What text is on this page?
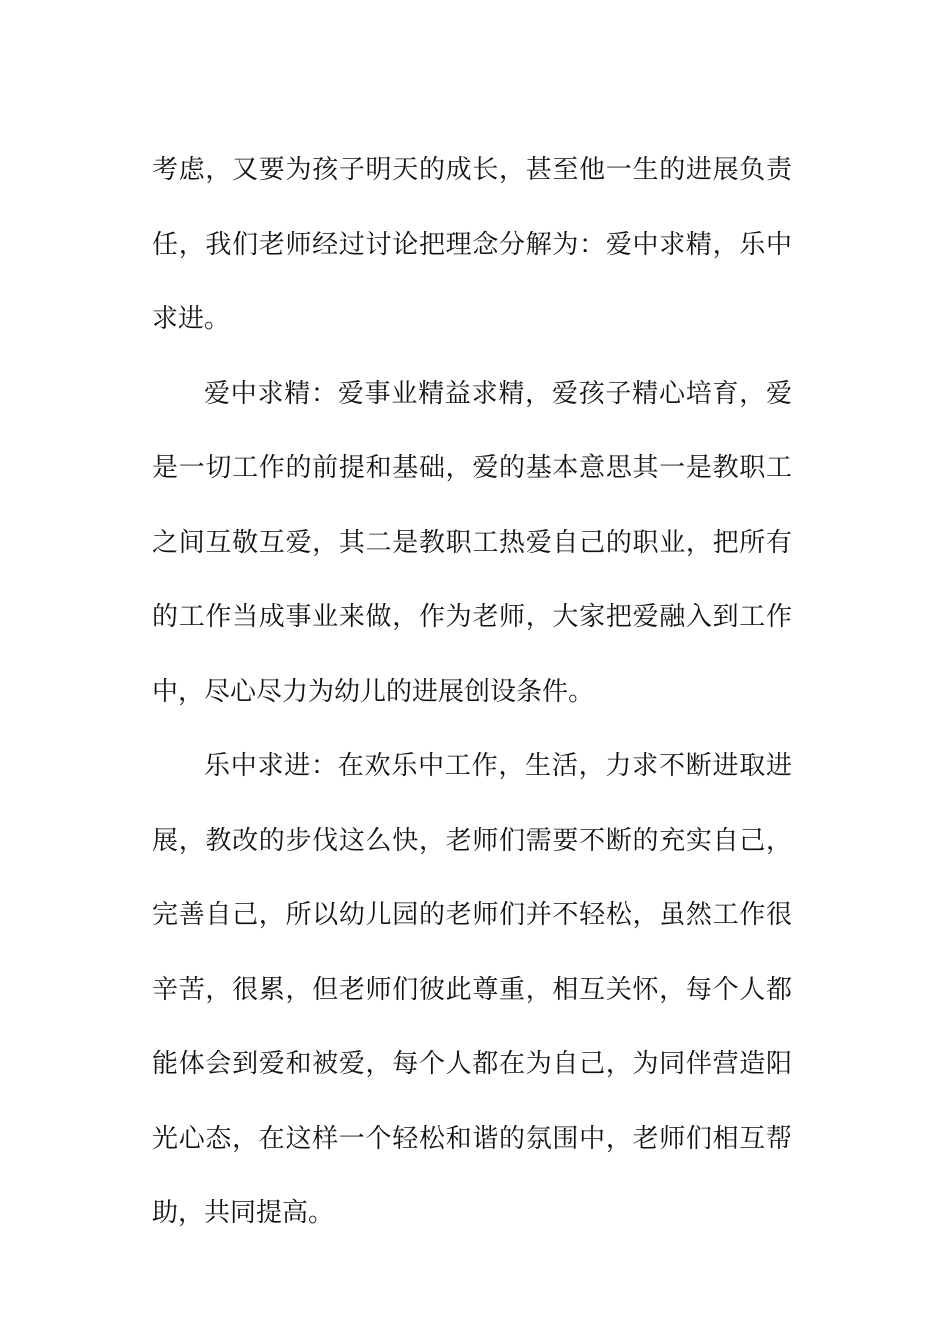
考虑，又要为孩子明天的成长，甚至他一生的进展负责任，我们老师经过讨论把理念分解为：爱中求精，乐中求进。

爱中求精：爱事业精益求精，爱孩子精心培育，爱是一切工作的前提和基础，爱的基本意思其一是教职工之间互敬互爱，其二是教职工热爱自己的职业，把所有的工作当成事业来做，作为老师，大家把爱融入到工作中，尽心尽力为幼儿的进展创设条件。

乐中求进：在欢乐中工作，生活，力求不断进取进展，教改的步伐这么快，老师们需要不断的充实自己，完善自己，所以幼儿园的老师们并不轻松，虽然工作很辛苦，很累，但老师们彼此尊重，相互关怀，每个人都能体会到爱和被爱，每个人都在为自己，为同伴营造阳光心态，在这样一个轻松和谐的氛围中，老师们相互帮助，共同提高。
